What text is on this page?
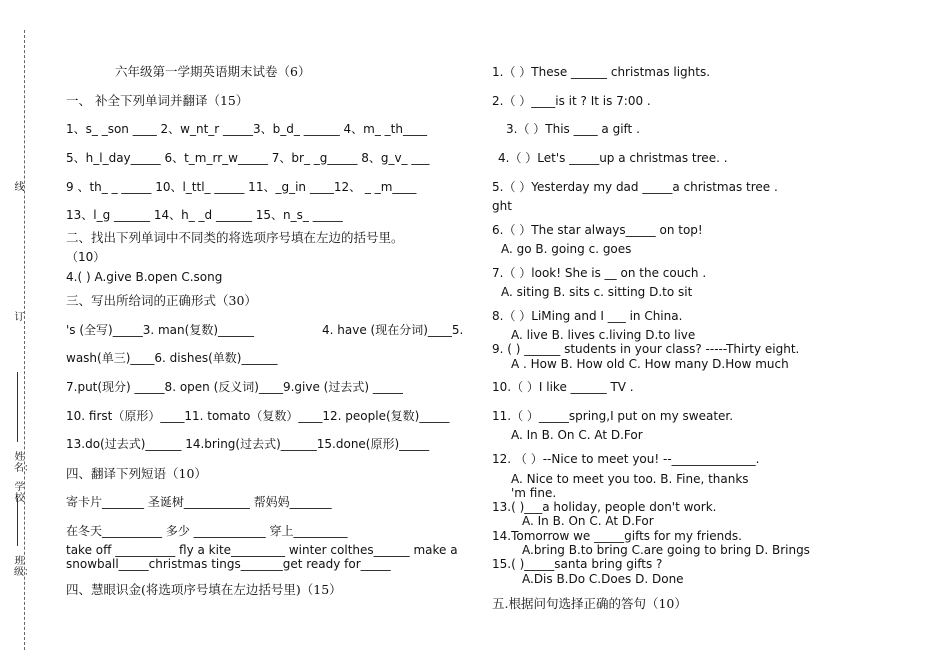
线
订
姓名：
学校
班级：
六年级第一学期英语期末试卷（6）
一、 补全下列单词并翻译（15）
1、s_ _son ____ 2、w_nt_r _____3、b_d_ ______ 4、m_ _th____
5、h_l_day_____ 6、t_m_rr_w_____ 7、br_ _g_____ 8、g_v_ ___
9 、th_ _ _____ 10、l_ttl_ _____ 11、_g_in ____12、 _ _m____
13、l_g ______ 14、h_ _d ______ 15、n_s_ _____
二、找出下列单词中不同类的将选项序号填在左边的括号里。
（10）
4.( ) A.give B.open C.song
三、写出所给词的正确形式（30）
's (全写)_____3. man(复数)______	4. have (现在分词)____5.
wash(单三)____6. dishes(单数)______
7.put(现分) _____8. open (反义词)____9.give (过去式) _____
10. first（原形）____11. tomato（复数）____12. people(复数)_____
13.do(过去式)______ 14.bring(过去式)______15.done(原形)_____
四、翻译下列短语（10）
寄卡片_______ 圣诞树___________ 帮妈妈_______
在冬天__________ 多少 ____________ 穿上_________
take off __________ fly a kite_________ winter colthes______ make a
snowball_____christmas tings_______get ready for_____
四、慧眼识金(将选项序号填在左边括号里)（15）
1.（ ）These ______ christmas lights.
2.（ ）____is it ? It is 7:00 .
3.（ ）This ____ a gift .
4.（ ）Let's _____up a christmas tree. .
5.（ ）Yesterday my dad _____a christmas tree .
ght
6.（ ）The star always_____ on top!
A. go B. going c. goes
7.（ ）look! She is __ on the couch .
A. siting B. sits c. sitting D.to sit
8.（ ）LiMing and I ___ in China.
A. live B. lives c.living D.to live
9. ( ) ______ students in your class? -----Thirty eight.
A . How B. How old C. How many D.How much
10.（ ）I like ______ TV .
11.（ ）_____spring,I put on my sweater.
A. In B. On C. At D.For
12. （ ）--Nice to meet you! --______________.
A. Nice to meet you too. B. Fine, thanks
'm fine.
13.( )___a holiday, people don't work.
A. In B. On C. At D.For
14.Tomorrow we _____gifts for my friends.
A.bring B.to bring C.are going to bring D. Brings
15.( )_____santa bring gifts ?
A.Dis B.Do C.Does D. Done
五.根据问句选择正确的答句（10）
